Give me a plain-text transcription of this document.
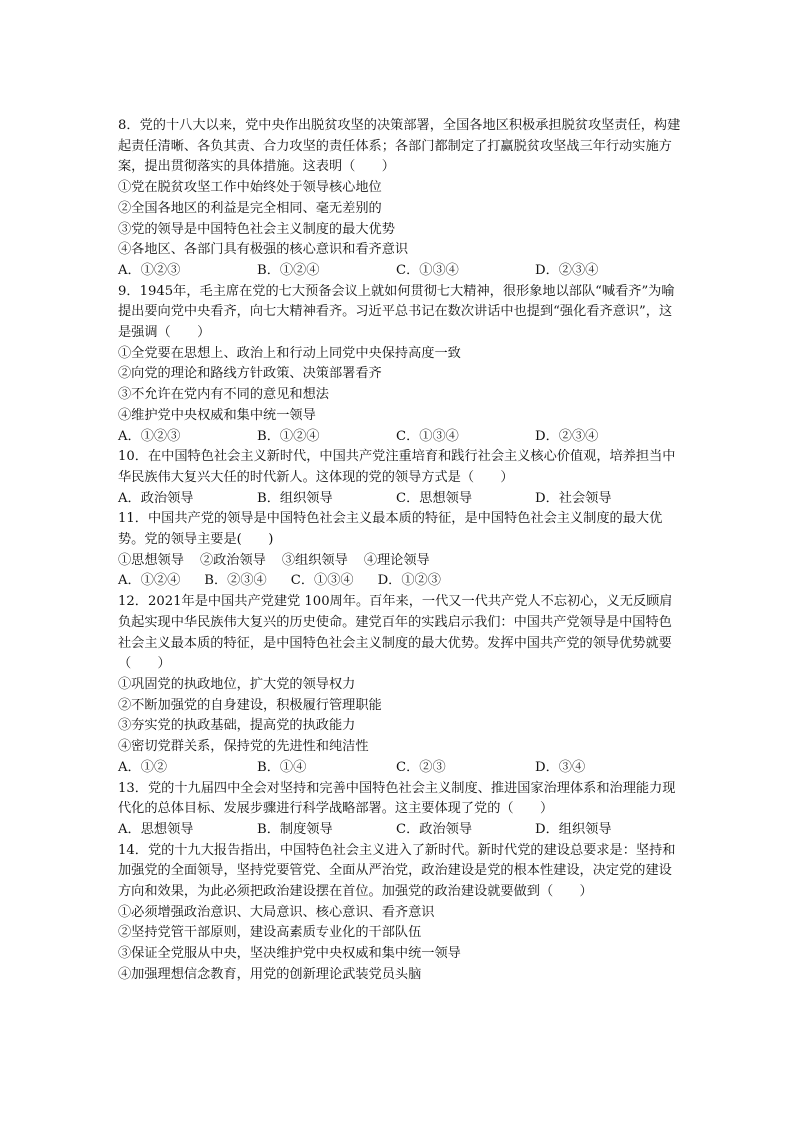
8．党的十八大以来，党中央作出脱贫攻坚的决策部署，全国各地区积极承担脱贫攻坚责任，构建起责任清晰、各负其责、合力攻坚的责任体系；各部门都制定了打赢脱贫攻坚战三年行动实施方案，提出贯彻落实的具体措施。这表明（　　）

①党在脱贫攻坚工作中始终处于领导核心地位

②全国各地区的利益是完全相同、毫无差别的

③党的领导是中国特色社会主义制度的最大优势

④各地区、各部门具有极强的核心意识和看齐意识

A．①②③	B．①②④	C．①③④	D．②③④

9．1945年，毛主席在党的七大预备会议上就如何贯彻七大精神，很形象地以部队“喊看齐”为喻提出要向党中央看齐，向七大精神看齐。习近平总书记在数次讲话中也提到“强化看齐意识”，这是强调（　　）

①全党要在思想上、政治上和行动上同党中央保持高度一致

②向党的理论和路线方针政策、决策部署看齐

③不允许在党内有不同的意见和想法

④维护党中央权威和集中统一领导

A．①②③	B．①②④	C．①③④	D．②③④

10．在中国特色社会主义新时代，中国共产党注重培育和践行社会主义核心价值观，培养担当中华民族伟大复兴大任的时代新人。这体现的党的领导方式是（　　）

A．政治领导	B．组织领导	C．思想领导	D．社会领导

11．中国共产党的领导是中国特色社会主义最本质的特征，是中国特色社会主义制度的最大优势。党的领导主要是(　　)

①思想领导 ②政治领导 ③组织领导 ④理论领导

A．①②④ B．②③④ C．①③④ D．①②③

12．2021年是中国共产党建党 100周年。百年来，一代又一代共产党人不忘初心，义无反顾肩负起实现中华民族伟大复兴的历史使命。建党百年的实践启示我们：中国共产党领导是中国特色社会主义最本质的特征，是中国特色社会主义制度的最大优势。发挥中国共产党的领导优势就要（　　）

①巩固党的执政地位，扩大党的领导权力

②不断加强党的自身建设，积极履行管理职能

③夯实党的执政基础，提高党的执政能力

④密切党群关系，保持党的先进性和纯洁性

A．①②	B．①④	C．②③	D．③④

13．党的十九届四中全会对坚持和完善中国特色社会主义制度、推进国家治理体系和治理能力现代化的总体目标、发展步骤进行科学战略部署。这主要体现了党的（　　）

A．思想领导	B．制度领导	C．政治领导	D．组织领导

14．党的十九大报告指出，中国特色社会主义进入了新时代。新时代党的建设总要求是：坚持和加强党的全面领导，坚持党要管党、全面从严治党，政治建设是党的根本性建设，决定党的建设方向和效果，为此必须把政治建设摆在首位。加强党的政治建设就要做到（　　）

①必须增强政治意识、大局意识、核心意识、看齐意识

②坚持党管干部原则，建设高素质专业化的干部队伍

③保证全党服从中央，坚决维护党中央权威和集中统一领导

④加强理想信念教育，用党的创新理论武装党员头脑
